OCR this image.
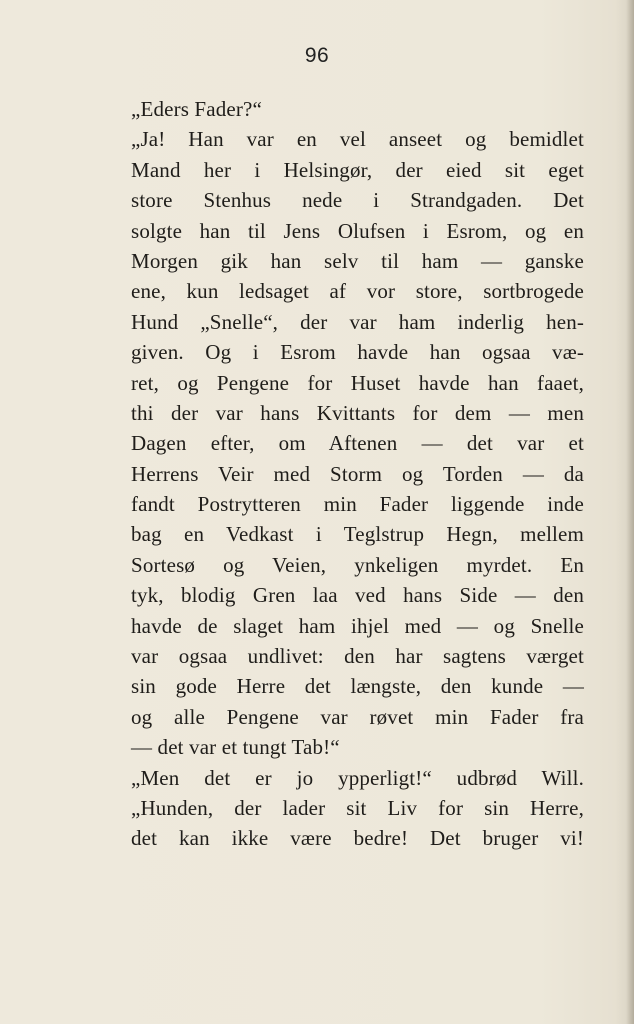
96
„Eders Fader?“
„Ja! Han var en vel anseet og bemidlet
Mand her i Helsingør, der eied sit eget
store Stenhus nede i Strandgaden. Det
solgte han til Jens Olufsen i Esrom, og en
Morgen gik han selv til ham — ganske
ene, kun ledsaget af vor store, sortbrogede
Hund „Snelle“, der var ham inderlig hen-
given. Og i Esrom havde han ogsaa væ-
ret, og Pengene for Huset havde han faaet,
thi der var hans Kvittants for dem — men
Dagen efter, om Aftenen — det var et
Herrens Veir med Storm og Torden — da
fandt Postrytteren min Fader liggende inde
bag en Vedkast i Teglstrup Hegn, mellem
Sortesø og Veien, ynkeligen myrdet. En
tyk, blodig Gren laa ved hans Side — den
havde de slaget ham ihjel med — og Snelle
var ogsaa undlivet: den har sagtens værget
sin gode Herre det længste, den kunde —
og alle Pengene var røvet min Fader fra
— det var et tungt Tab!“
„Men det er jo ypperligt!“ udbrød Will.
„Hunden, der lader sit Liv for sin Herre,
det kan ikke være bedre! Det bruger vi!
